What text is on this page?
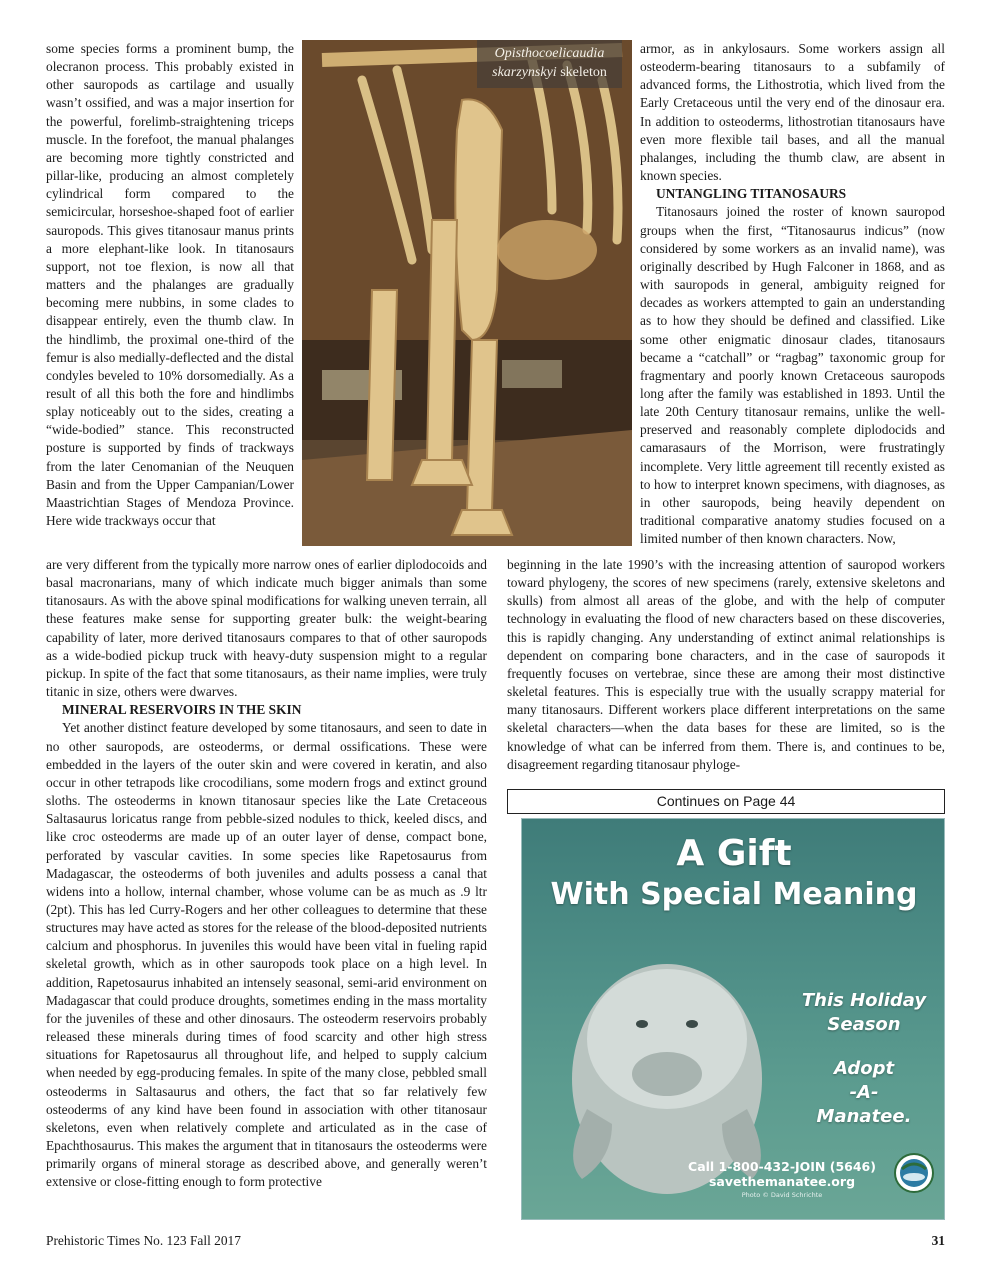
some species forms a prominent bump, the olecranon process. This probably existed in other sauropods as cartilage and usually wasn’t ossified, and was a major insertion for the powerful, forelimb-straightening triceps muscle. In the forefoot, the manual phalanges are becoming more tightly constricted and pillar-like, producing an almost completely cylindrical form compared to the semicircular, horseshoe-shaped foot of earlier sauropods. This gives titanosaur manus prints a more elephant-like look. In titanosaurs support, not toe flexion, is now all that matters and the phalanges are gradually becoming mere nubbins, in some clades to disappear entirely, even the thumb claw. In the hindlimb, the proximal one-third of the femur is also medially-deflected and the distal condyles beveled to 10% dorsomedially. As a result of all this both the fore and hindlimbs splay noticeably out to the sides, creating a “wide-bodied” stance. This reconstructed posture is supported by finds of trackways from the later Cenomanian of the Neuquen Basin and from the Upper Campanian/Lower Maastrichtian Stages of Mendoza Province. Here wide trackways occur that

Opisthocoelicaudia
skarzynskyi skeleton

armor, as in ankylosaurs. Some workers assign all osteoderm-bearing titanosaurs to a subfamily of advanced forms, the Lithostrotia, which lived from the Early Cretaceous until the very end of the dinosaur era. In addition to osteoderms, lithostrotian titanosaurs have even more flexible tail bases, and all the manual phalanges, including the thumb claw, are absent in known species.

UNTANGLING TITANOSAURS

Titanosaurs joined the roster of known sauropod groups when the first, “Titanosaurus indicus” (now considered by some workers as an invalid name), was originally described by Hugh Falconer in 1868, and as with sauropods in general, ambiguity reigned for decades as workers attempted to gain an understanding as to how they should be defined and classified. Like some other enigmatic dinosaur clades, titanosaurs became a “catchall” or “ragbag” taxonomic group for fragmentary and poorly known Cretaceous sauropods long after the family was established in 1893. Until the late 20th Century titanosaur remains, unlike the well-preserved and reasonably complete diplodocids and camarasaurs of the Morrison, were frustratingly incomplete. Very little agreement till recently existed as to how to interpret known specimens, with diagnoses, as in other sauropods, being heavily dependent on traditional comparative anatomy studies focused on a limited number of then known characters. Now,

are very different from the typically more narrow ones of earlier diplodocoids and basal macronarians, many of which indicate much bigger animals than some titanosaurs. As with the above spinal modifications for walking uneven terrain, all these features make sense for supporting greater bulk: the weight-bearing capability of later, more derived titanosaurs compares to that of other sauropods as a wide-bodied pickup truck with heavy-duty suspension might to a regular pickup. In spite of the fact that some titanosaurs, as their name implies, were truly titanic in size, others were dwarves.

MINERAL RESERVOIRS IN THE SKIN

Yet another distinct feature developed by some titanosaurs, and seen to date in no other sauropods, are osteoderms, or dermal ossifications. These were embedded in the layers of the outer skin and were covered in keratin, and also occur in other tetrapods like crocodilians, some modern frogs and extinct ground sloths. The osteoderms in known titanosaur species like the Late Cretaceous Saltasaurus loricatus range from pebble-sized nodules to thick, keeled discs, and like croc osteoderms are made up of an outer layer of dense, compact bone, perforated by vascular cavities. In some species like Rapetosaurus from Madagascar, the osteoderms of both juveniles and adults possess a canal that widens into a hollow, internal chamber, whose volume can be as much as .9 ltr (2pt). This has led Curry-Rogers and her other colleagues to determine that these structures may have acted as stores for the release of the blood-deposited nutrients calcium and phosphorus. In juveniles this would have been vital in fueling rapid skeletal growth, which as in other sauropods took place on a high level. In addition, Rapetosaurus inhabited an intensely seasonal, semi-arid environment on Madagascar that could produce droughts, sometimes ending in the mass mortality for the juveniles of these and other dinosaurs. The osteoderm reservoirs probably released these minerals during times of food scarcity and other high stress situations for Rapetosaurus all throughout life, and helped to supply calcium when needed by egg-producing females. In spite of the many close, pebbled small osteoderms in Saltasaurus and others, the fact that so far relatively few osteoderms of any kind have been found in association with other titanosaur skeletons, even when relatively complete and articulated as in the case of Epachthosaurus. This makes the argument that in titanosaurs the osteoderms were primarily organs of mineral storage as described above, and generally weren’t extensive or close-fitting enough to form protective

beginning in the late 1990’s with the increasing attention of sauropod workers toward phylogeny, the scores of new specimens (rarely, extensive skeletons and skulls) from almost all areas of the globe, and with the help of computer technology in evaluating the flood of new characters based on these discoveries, this is rapidly changing. Any understanding of extinct animal relationships is dependent on comparing bone characters, and in the case of sauropods it frequently focuses on vertebrae, since these are among their most distinctive skeletal features. This is especially true with the usually scrappy material for many titanosaurs. Different workers place different interpretations on the same skeletal characters—when the data bases for these are limited, so is the knowledge of what can be inferred from them. There is, and continues to be, disagreement regarding titanosaur phyloge-

Continues on Page 44
A Gift
With Special Meaning
This Holiday
Season
Adopt
-A-
Manatee.
Call 1-800-432-JOIN (5646)
savethemanatee.org
Photo © David Schrichte
Prehistoric Times No. 123 Fall 2017	31
